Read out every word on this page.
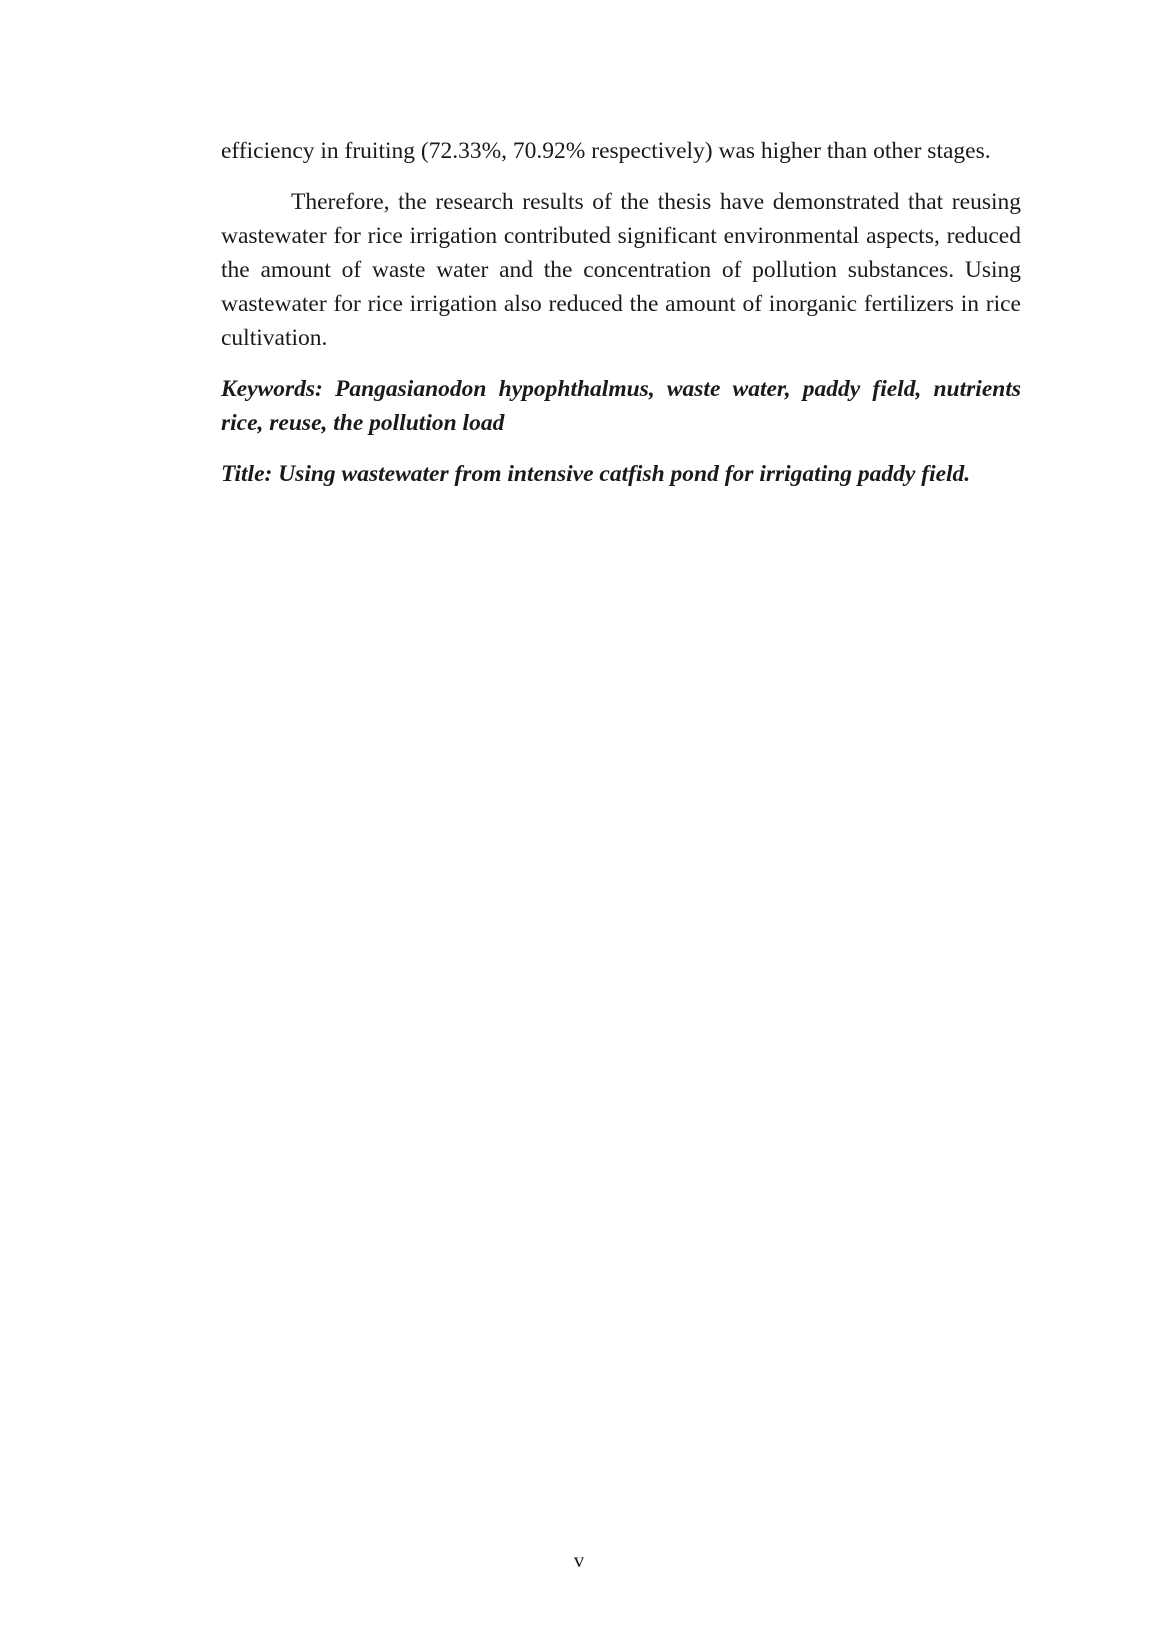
efficiency in fruiting (72.33%, 70.92% respectively) was higher than other stages.

Therefore, the research results of the thesis have demonstrated that reusing wastewater for rice irrigation contributed significant environmental aspects, reduced the amount of waste water and the concentration of pollution substances. Using wastewater for rice irrigation also reduced the amount of inorganic fertilizers in rice cultivation.

Keywords: Pangasianodon hypophthalmus, waste water, paddy field, nutrients rice, reuse, the pollution load

Title: Using wastewater from intensive catfish pond for irrigating paddy field.

v
